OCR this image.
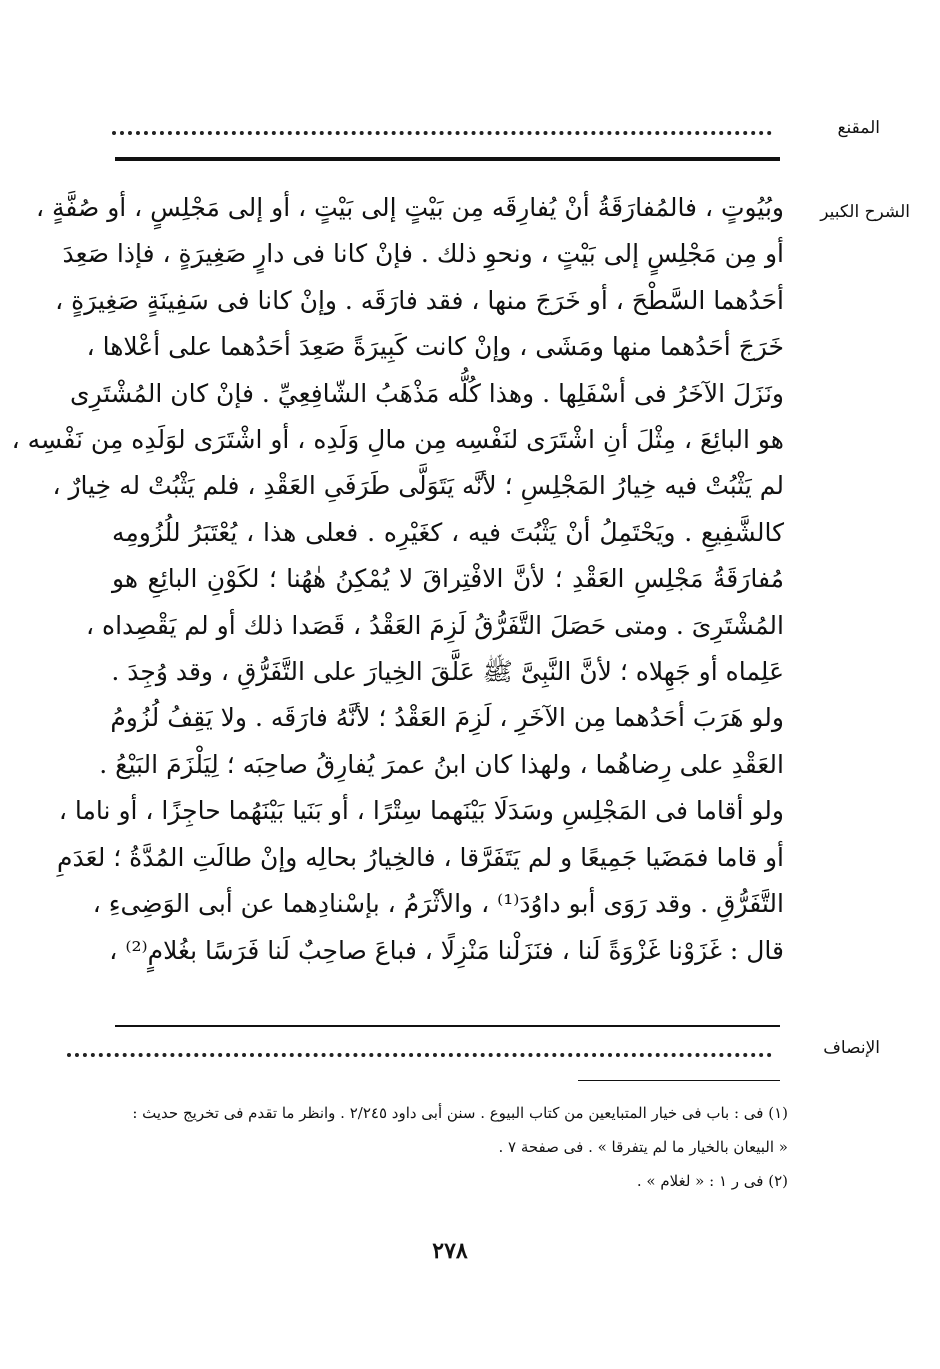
المقنع
الشرح الكبير
وبُيُوتٍ ، فالمُفارَقَةُ أنْ يُفارِقَه مِن بَيْتٍ إلى بَيْتٍ ، أو إلى مَجْلِسٍ ، أو صُفَّةٍ ،
أو مِن مَجْلِسٍ إلى بَيْتٍ ، ونحوِ ذلك . فإنْ كانا فى دارٍ صَغِيرَةٍ ، فإذا صَعِدَ
أحَدُهما السَّطْحَ ، أو خَرَجَ منها ، فقد فارَقَه . وإنْ كانا فى سَفِينَةٍ صَغِيرَةٍ ،
خَرَجَ أحَدُهما منها ومَشَى ، وإنْ كانت كَبِيرَةً صَعِدَ أحَدُهما على أعْلاها ،
ونَزَلَ الآخَرُ فى أسْفَلِها . وهذا كُلُّه مَذْهَبُ الشّافِعِيِّ . فإنْ كان المُشْتَرِى
هو البائِعَ ، مِثْلَ أنِ اشْتَرَى لنَفْسِه مِن مالِ وَلَدِه ، أو اشْتَرَى لوَلَدِه مِن نَفْسِه ،
لم يَثْبُتْ فيه خِيارُ المَجْلِسِ ؛ لأنَّه يَتَوَلَّى طَرَفَىِ العَقْدِ ، فلم يَثْبُتْ له خِيارٌ ،
كالشَّفِيعِ . ويَحْتَمِلُ أنْ يَثْبُتَ فيه ، كغَيْرِه . فعلى هذا ، يُعْتَبَرُ للُزُومِه
مُفارَقَةُ مَجْلِسِ العَقْدِ ؛ لأنَّ الافْتِراقَ لا يُمْكِنُ هٰهُنا ؛ لكَوْنِ البائِعِ هو
المُشْتَرِىَ . ومتى حَصَلَ التَّفَرُّقُ لَزِمَ العَقْدُ ، قَصَدا ذلك أو لم يَقْصِداه ،
عَلِماه أو جَهِلاه ؛ لأنَّ النَّبِىَّ ﷺ عَلَّقَ الخِيارَ على التَّفَرُّقِ ، وقد وُجِدَ .
ولو هَرَبَ أحَدُهما مِن الآخَرِ ، لَزِمَ العَقْدُ ؛ لأنَّهُ فارَقَه . ولا يَقِفُ لُزُومُ
العَقْدِ على رِضاهُما ، ولهذا كان ابنُ عمرَ يُفارِقُ صاحِبَه ؛ لِيَلْزَمَ البَيْعُ .
ولو أقاما فى المَجْلِسِ وسَدَلَا بَيْنَهما سِتْرًا ، أو بَنَيا بَيْنَهُما حاجِزًا ، أو ناما ،
أو قاما فمَضَيا جَمِيعًا و لم يَتَفَرَّقا ، فالخِيارُ بحالِه وإنْ طالَتِ المُدَّةُ ؛ لعَدَمِ
التَّفَرُّقِ . وقد رَوَى أبو داوُدَ⁽¹⁾ ، والأثْرَمُ ، بإسْنادِهما عن أبى الوَضِىءِ ،
قال : غَزَوْنا غَزْوَةً لَنا ، فنَزَلْنا مَنْزِلًا ، فباعَ صاحِبٌ لَنا فَرَسًا بغُلامٍ⁽²⁾ ،
الإنصاف
(١) فى : باب فى خيار المتبايعين من كتاب البيوع . سنن أبى داود ٢/٢٤٥ . وانظر ما تقدم فى تخريج حديث :
« البيعان بالخيار ما لم يتفرقا » . فى صفحة ٧ .
(٢) فى ر ١ : « لغلام » .
٢٧٨
